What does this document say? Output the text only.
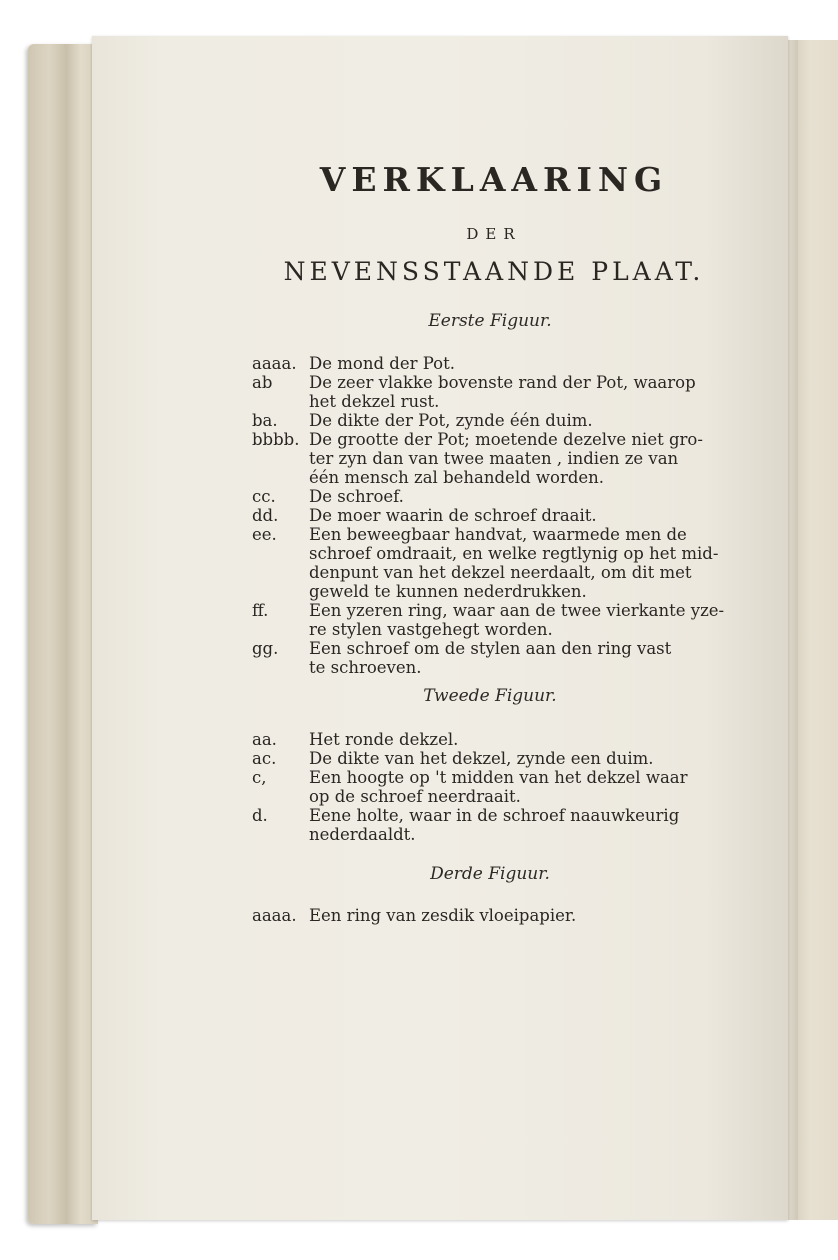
VERKLAARING
DER
NEVENSSTAANDE PLAAT.
Eerste Figuur.
aaaa. De mond der Pot.
ab	De zeer vlakke bovenste rand der Pot, waarop
het dekzel rust.
ba.	De dikte der Pot, zynde één duim.
bbbb. De grootte der Pot; moetende dezelve niet gro-
ter zyn dan van twee maaten , indien ze van
één mensch zal behandeld worden.
cc.	De schroef.
dd.	De moer waarin de schroef draait.
ee.	Een beweegbaar handvat, waarmede men de
schroef omdraait, en welke regtlynig op het mid-
denpunt van het dekzel neerdaalt, om dit met
geweld te kunnen nederdrukken.
ff.	Een yzeren ring, waar aan de twee vierkante yze-
re stylen vastgehegt worden.
gg.	Een schroef om de stylen aan den ring vast
te schroeven.
Tweede Figuur.
aa.	Het ronde dekzel.
ac.	De dikte van het dekzel, zynde een duim.
c,	Een hoogte op 't midden van het dekzel waar
op de schroef neerdraait.
d.	Eene holte, waar in de schroef naauwkeurig
nederdaaldt.
Derde Figuur.
aaaa. Een ring van zesdik vloeipapier.
